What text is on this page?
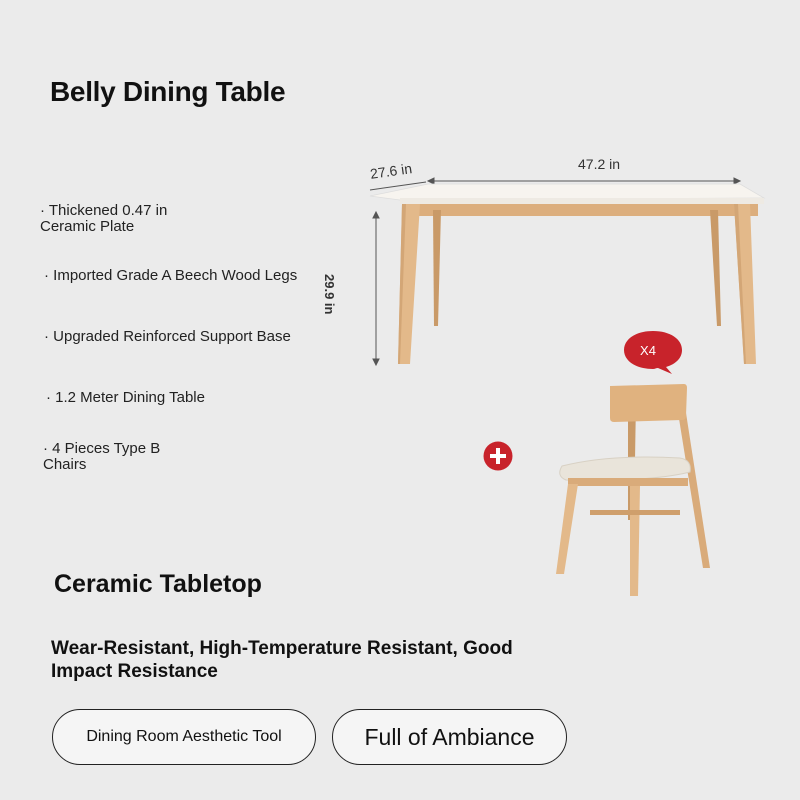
Belly Dining Table
· Thickened 0.47 in
Ceramic Plate
· Imported Grade A Beech Wood Legs
· Upgraded Reinforced Support Base
· 1.2 Meter Dining Table
· 4 Pieces Type B
Chairs
27.6 in	47.2 in
29.9 in
X4
Ceramic Tabletop
Wear-Resistant, High-Temperature Resistant, Good Impact Resistance
Dining Room Aesthetic Tool	Full of Ambiance
